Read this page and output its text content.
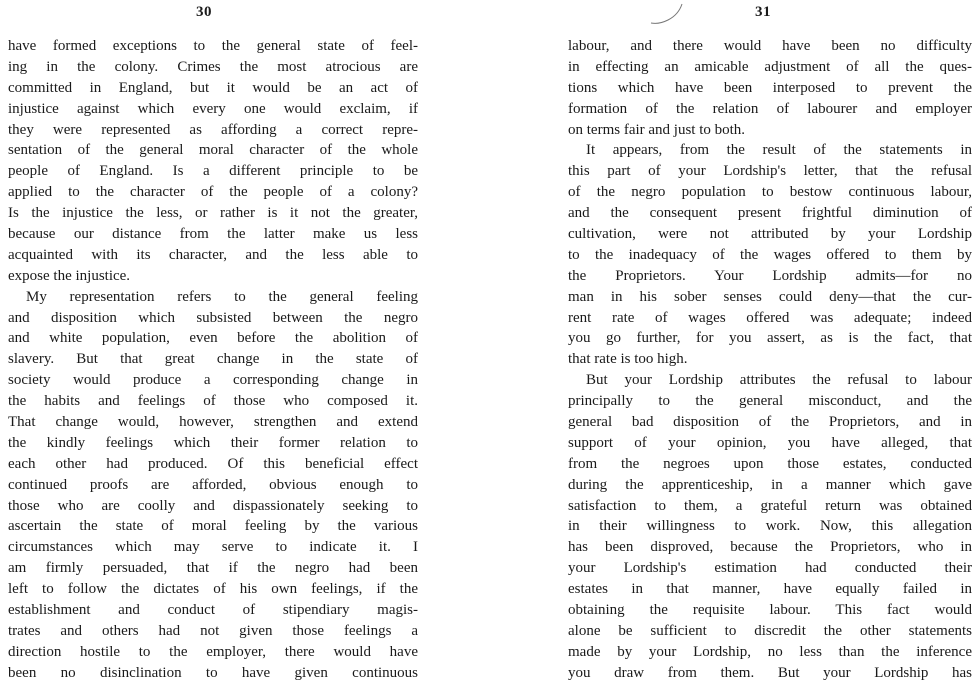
30
have formed exceptions to the general state of feel-
ing in the colony. Crimes the most atrocious are
committed in England, but it would be an act of
injustice against which every one would exclaim, if
they were represented as affording a correct repre-
sentation of the general moral character of the whole
people of England. Is a different principle to be
applied to the character of the people of a colony?
Is the injustice the less, or rather is it not the greater,
because our distance from the latter make us less
acquainted with its character, and the less able to
expose the injustice.
My representation refers to the general feeling
and disposition which subsisted between the negro
and white population, even before the abolition of
slavery. But that great change in the state of
society would produce a corresponding change in
the habits and feelings of those who composed it.
That change would, however, strengthen and extend
the kindly feelings which their former relation to
each other had produced. Of this beneficial effect
continued proofs are afforded, obvious enough to
those who are coolly and dispassionately seeking to
ascertain the state of moral feeling by the various
circumstances which may serve to indicate it. I
am firmly persuaded, that if the negro had been
left to follow the dictates of his own feelings, if the
establishment and conduct of stipendiary magis-
trates and others had not given those feelings a
direction hostile to the employer, there would have
been no disinclination to have given continuous
31
labour, and there would have been no difficulty
in effecting an amicable adjustment of all the ques-
tions which have been interposed to prevent the
formation of the relation of labourer and employer
on terms fair and just to both.
It appears, from the result of the statements in
this part of your Lordship's letter, that the refusal
of the negro population to bestow continuous labour,
and the consequent present frightful diminution of
cultivation, were not attributed by your Lordship
to the inadequacy of the wages offered to them by
the Proprietors. Your Lordship admits—for no
man in his sober senses could deny—that the cur-
rent rate of wages offered was adequate; indeed
you go further, for you assert, as is the fact, that
that rate is too high.
But your Lordship attributes the refusal to labour
principally to the general misconduct, and the
general bad disposition of the Proprietors, and in
support of your opinion, you have alleged, that
from the negroes upon those estates, conducted
during the apprenticeship, in a manner which gave
satisfaction to them, a grateful return was obtained
in their willingness to work. Now, this allegation
has been disproved, because the Proprietors, who in
your Lordship's estimation had conducted their
estates in that manner, have equally failed in
obtaining the requisite labour. This fact would
alone be sufficient to discredit the other statements
made by your Lordship, no less than the inference
you draw from them. But your Lordship has
